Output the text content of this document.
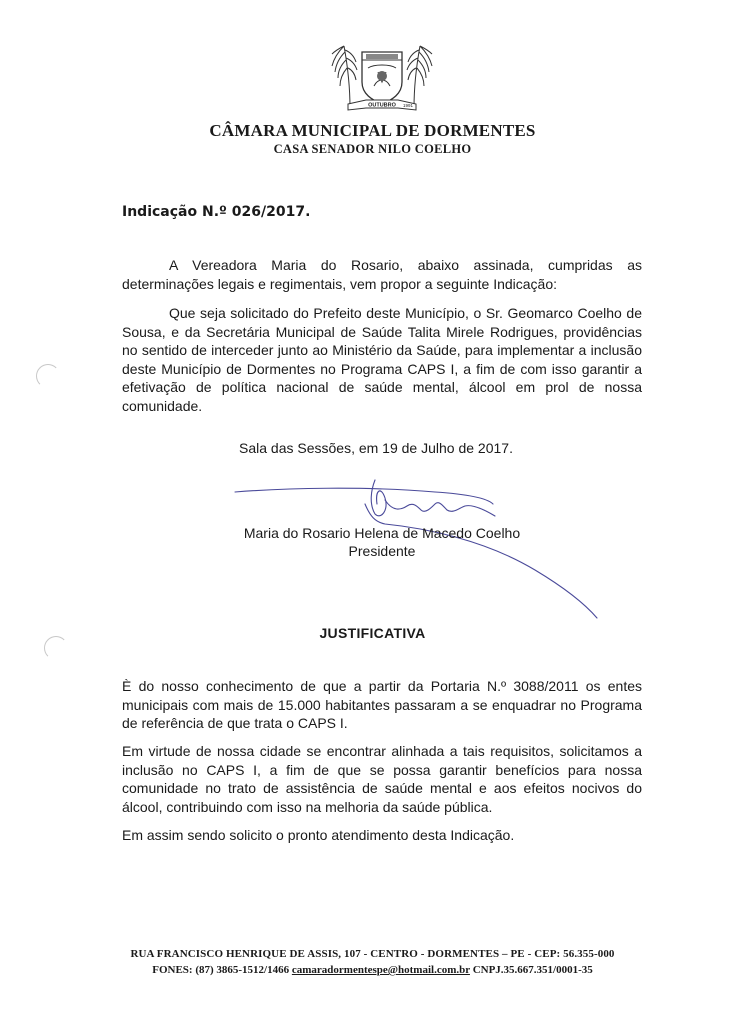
OUTUBRO 1991
CÂMARA MUNICIPAL DE DORMENTES
CASA SENADOR NILO COELHO
Indicação N.º 026/2017.
A Vereadora Maria do Rosario, abaixo assinada, cumpridas as determinações legais e regimentais, vem propor a seguinte Indicação:
Que seja solicitado do Prefeito deste Município, o Sr. Geomarco Coelho de Sousa, e da Secretária Municipal de Saúde Talita Mirele Rodrigues, providências no sentido de interceder junto ao Ministério da Saúde, para implementar a inclusão deste Município de Dormentes no Programa CAPS I, a fim de com isso garantir a efetivação de política nacional de saúde mental, álcool em prol de nossa comunidade.
Sala das Sessões, em 19 de Julho de 2017.
Maria do Rosario Helena de Macedo Coelho
Presidente
JUSTIFICATIVA
È do nosso conhecimento de que a partir da Portaria N.º 3088/2011 os entes municipais com mais de 15.000 habitantes passaram a se enquadrar no Programa de referência de que trata o CAPS I.
Em virtude de nossa cidade se encontrar alinhada a tais requisitos, solicitamos a inclusão no CAPS I, a fim de que se possa garantir benefícios para nossa comunidade no trato de assistência de saúde mental e aos efeitos nocivos do álcool, contribuindo com isso na melhoria da saúde pública.
Em assim sendo solicito o pronto atendimento desta Indicação.
RUA FRANCISCO HENRIQUE DE ASSIS, 107 - CENTRO - DORMENTES – PE - CEP: 56.355-000
FONES: (87) 3865-1512/1466 camaradormentespe@hotmail.com.br CNPJ.35.667.351/0001-35
